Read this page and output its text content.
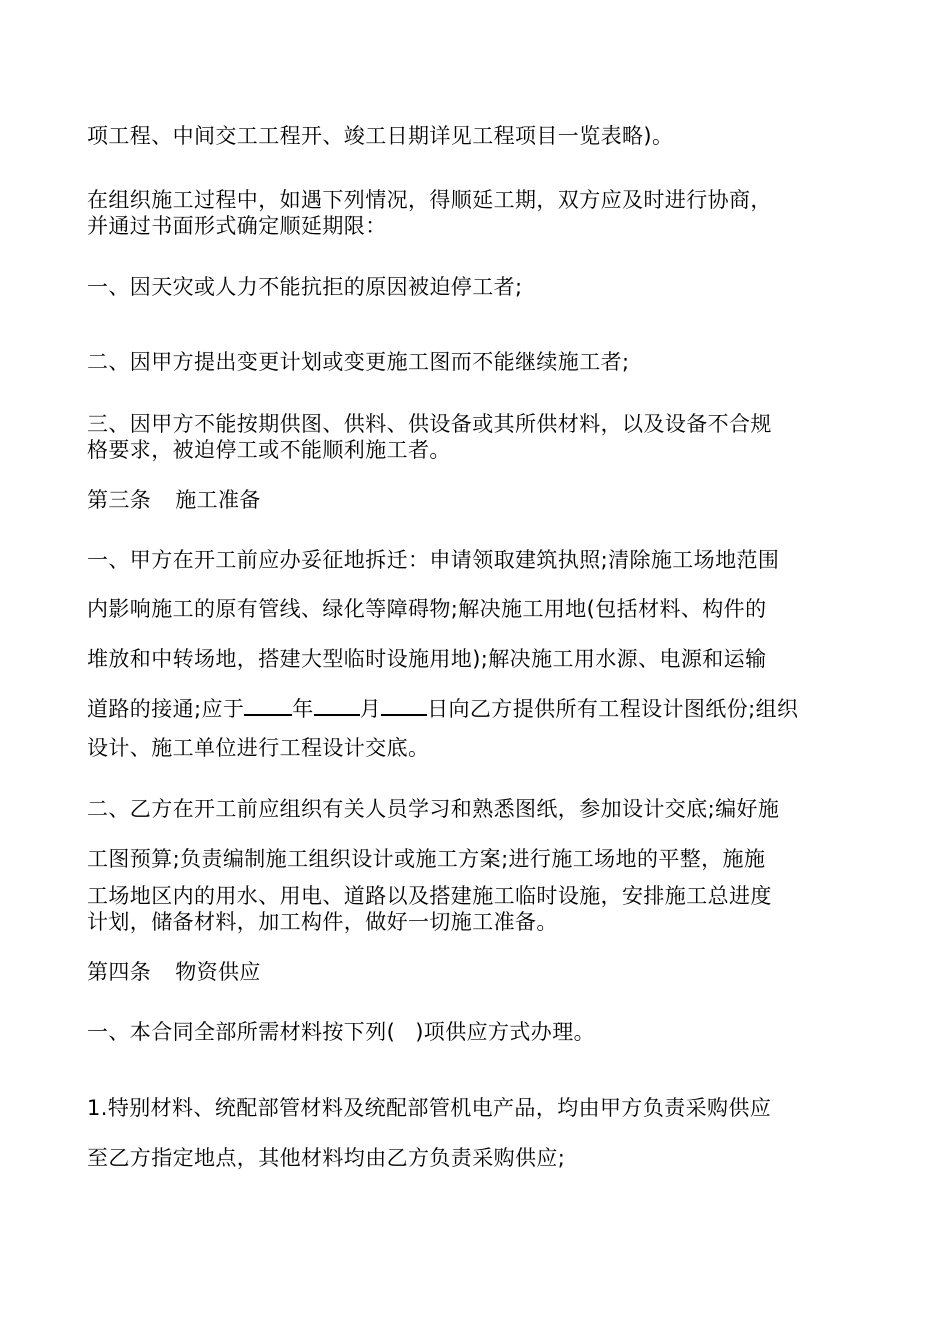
项工程、中间交工工程开、竣工日期详见工程项目一览表略)。
在组织施工过程中，如遇下列情况，得顺延工期，双方应及时进行协商，
并通过书面形式确定顺延期限：
一、因天灾或人力不能抗拒的原因被迫停工者;
二、因甲方提出变更计划或变更施工图而不能继续施工者;
三、因甲方不能按期供图、供料、供设备或其所供材料，以及设备不合规
格要求，被迫停工或不能顺利施工者。
第三条 施工准备
一、甲方在开工前应办妥征地拆迁：申请领取建筑执照;清除施工场地范围
内影响施工的原有管线、绿化等障碍物;解决施工用地(包括材料、构件的
堆放和中转场地，搭建大型临时设施用地);解决施工用水源、电源和运输
道路的接通;应于 年 月 日向乙方提供所有工程设计图纸份;组织
设计、施工单位进行工程设计交底。
二、乙方在开工前应组织有关人员学习和熟悉图纸，参加设计交底;编好施
工图预算;负责编制施工组织设计或施工方案;进行施工场地的平整，施施
工场地区内的用水、用电、道路以及搭建施工临时设施，安排施工总进度
计划，储备材料，加工构件，做好一切施工准备。
第四条 物资供应
一、本合同全部所需材料按下列( )项供应方式办理。
1.特别材料、统配部管材料及统配部管机电产品，均由甲方负责采购供应
至乙方指定地点，其他材料均由乙方负责采购供应;
